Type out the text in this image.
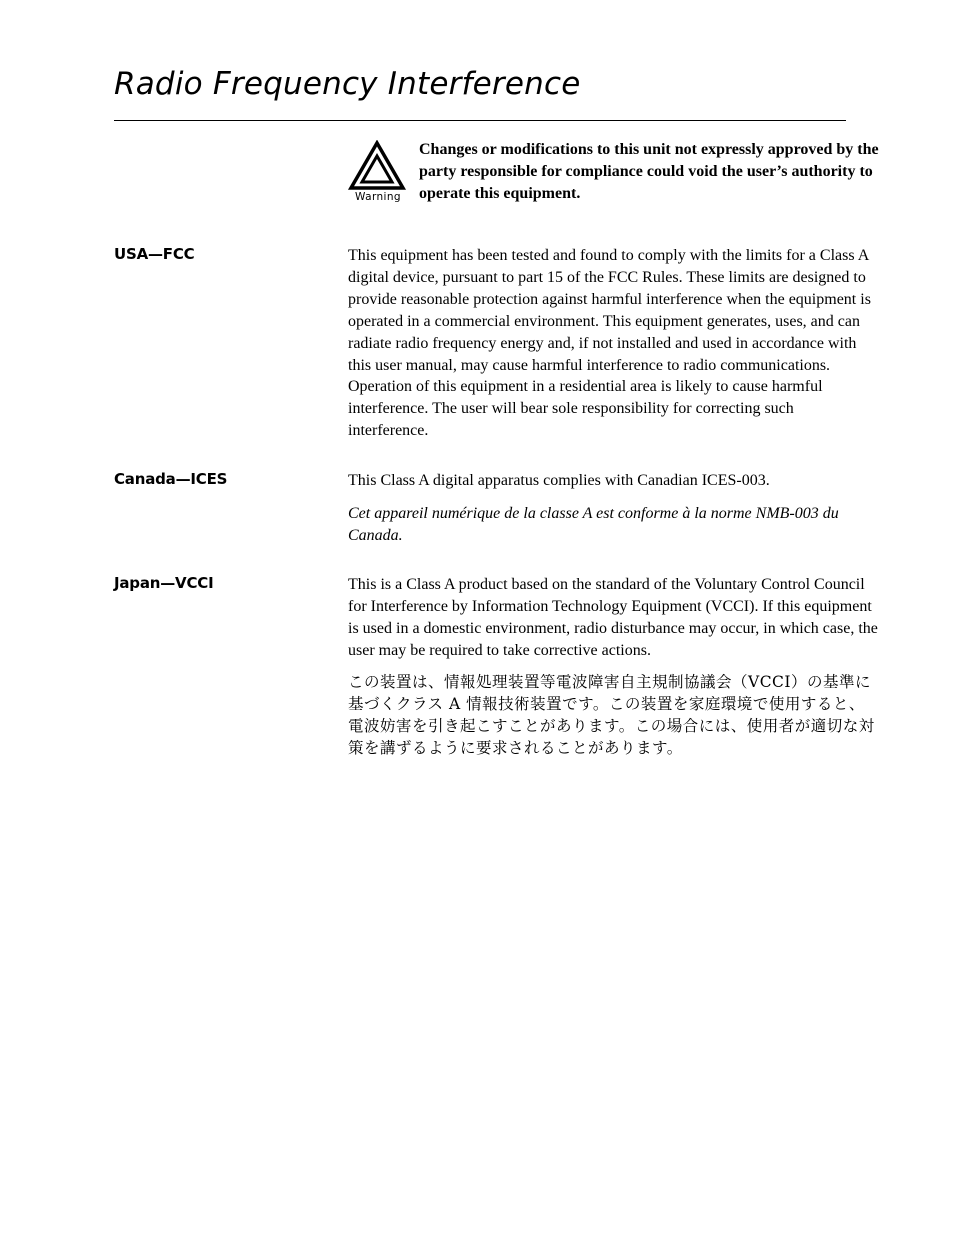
Radio Frequency Interference
Warning
Changes or modifications to this unit not expressly approved by the party responsible for compliance could void the user’s authority to operate this equipment.
USA—FCC	This equipment has been tested and found to comply with the limits for a Class A digital device, pursuant to part 15 of the FCC Rules. These limits are designed to provide reasonable protection against harmful interference when the equipment is operated in a commercial environment. This equipment generates, uses, and can radiate radio frequency energy and, if not installed and used in accordance with this user manual, may cause harmful interference to radio communications. Operation of this equipment in a residential area is likely to cause harmful interference. The user will bear sole responsibility for correcting such interference.

Canada—ICES	This Class A digital apparatus complies with Canadian ICES-003.

Cet appareil numérique de la classe A est conforme à la norme NMB-003 du Canada.

Japan—VCCI	This is a Class A product based on the standard of the Voluntary Control Council for Interference by Information Technology Equipment (VCCI). If this equipment is used in a domestic environment, radio disturbance may occur, in which case, the user may be required to take corrective actions.

この装置は、情報処理装置等電波障害自主規制協議会（VCCI）の基準に基づくクラス A 情報技術装置です。この装置を家庭環境で使用すると、電波妨害を引き起こすことがあります。この場合には、使用者が適切な対策を講ずるように要求されることがあります。
